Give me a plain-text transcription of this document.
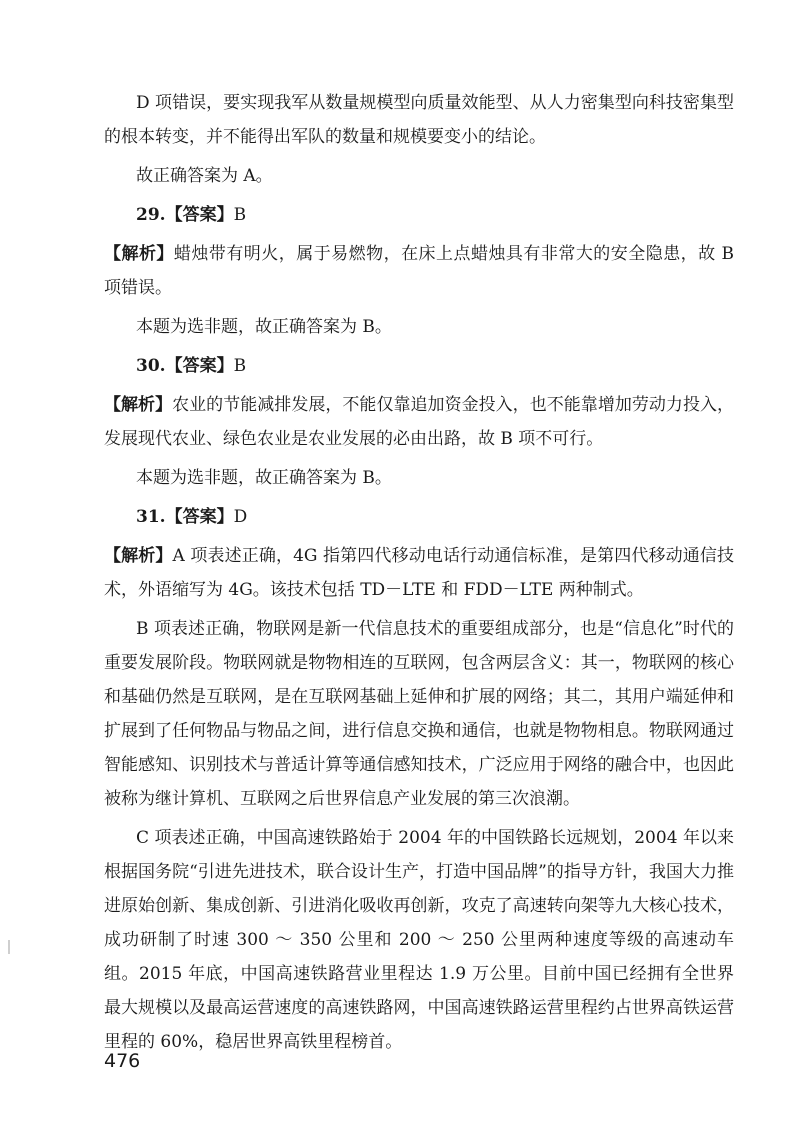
D 项错误，要实现我军从数量规模型向质量效能型、从人力密集型向科技密集型的根本转变，并不能得出军队的数量和规模要变小的结论。

故正确答案为 A。

29.【答案】B

【解析】蜡烛带有明火，属于易燃物，在床上点蜡烛具有非常大的安全隐患，故 B 项错误。

本题为选非题，故正确答案为 B。

30.【答案】B

【解析】农业的节能减排发展，不能仅靠追加资金投入，也不能靠增加劳动力投入，发展现代农业、绿色农业是农业发展的必由出路，故 B 项不可行。

本题为选非题，故正确答案为 B。

31.【答案】D

【解析】A 项表述正确，4G 指第四代移动电话行动通信标准，是第四代移动通信技术，外语缩写为 4G。该技术包括 TD－LTE 和 FDD－LTE 两种制式。

B 项表述正确，物联网是新一代信息技术的重要组成部分，也是“信息化”时代的重要发展阶段。物联网就是物物相连的互联网，包含两层含义：其一，物联网的核心和基础仍然是互联网，是在互联网基础上延伸和扩展的网络；其二，其用户端延伸和扩展到了任何物品与物品之间，进行信息交换和通信，也就是物物相息。物联网通过智能感知、识别技术与普适计算等通信感知技术，广泛应用于网络的融合中，也因此被称为继计算机、互联网之后世界信息产业发展的第三次浪潮。

C 项表述正确，中国高速铁路始于 2004 年的中国铁路长远规划，2004 年以来根据国务院“引进先进技术，联合设计生产，打造中国品牌”的指导方针，我国大力推进原始创新、集成创新、引进消化吸收再创新，攻克了高速转向架等九大核心技术，成功研制了时速 300 ～ 350 公里和 200 ～ 250 公里两种速度等级的高速动车组。2015 年底，中国高速铁路营业里程达 1.9 万公里。目前中国已经拥有全世界最大规模以及最高运营速度的高速铁路网，中国高速铁路运营里程约占世界高铁运营里程的 60%，稳居世界高铁里程榜首。

476
